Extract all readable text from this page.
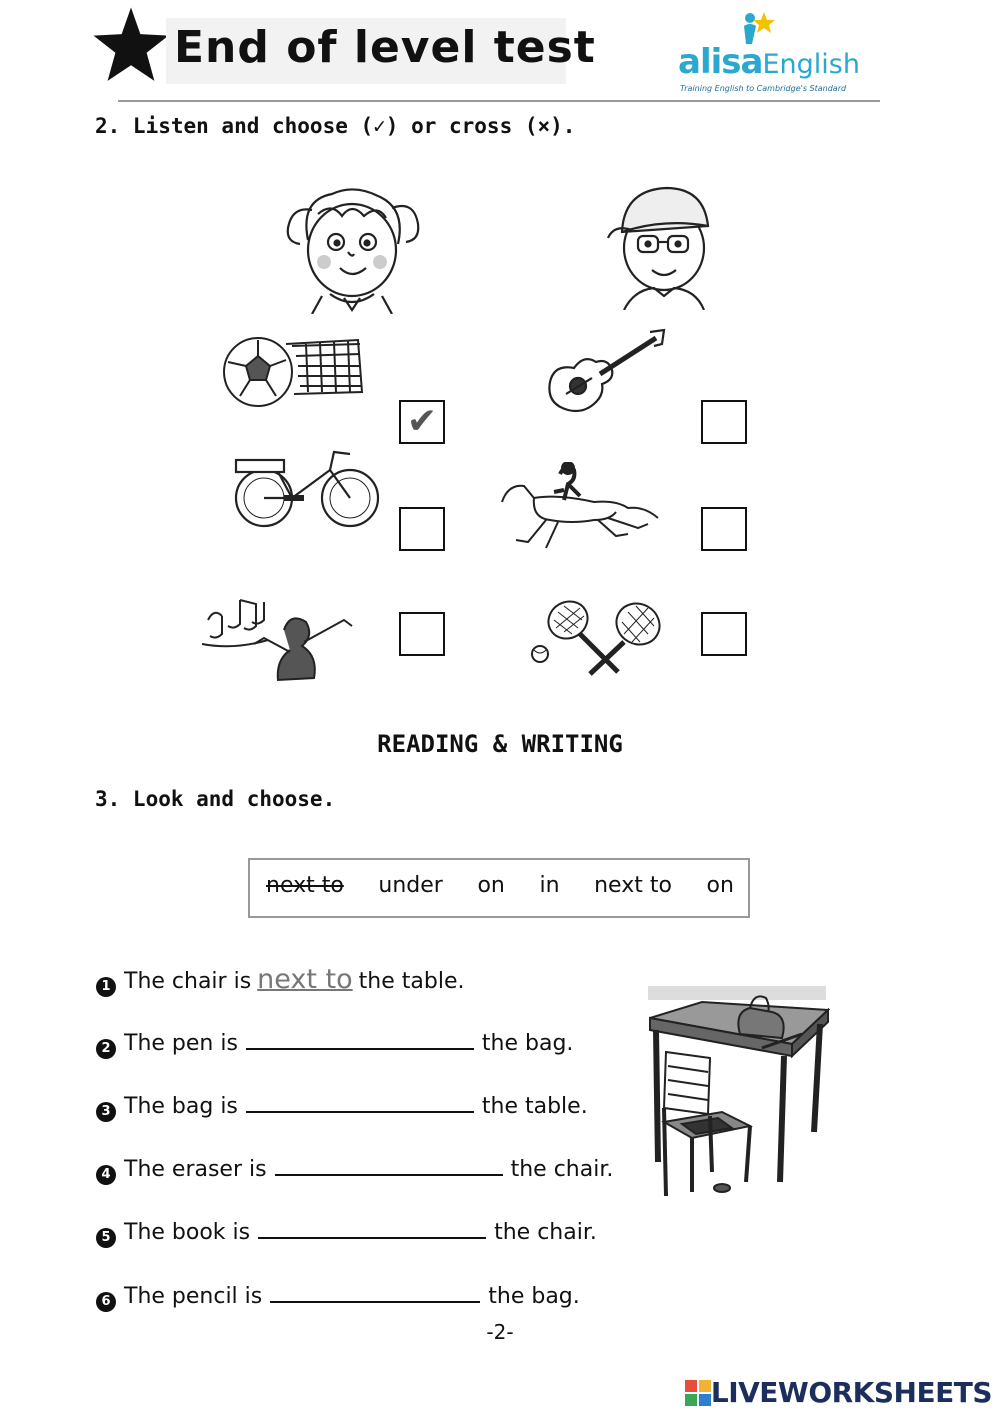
End of level test alisaEnglish
Training English to Cambridge's Standard
2. Listen and choose (✓) or cross (×).
✔
READING & WRITING
3. Look and choose.
next to under on in next to on
1 The chair is next to the table.
2 The pen is	the bag.
3 The bag is	the table.
4 The eraser is	the chair.
5 The book is	the chair.
6 The pencil is	the bag.
-2-
LIVEWORKSHEETS
